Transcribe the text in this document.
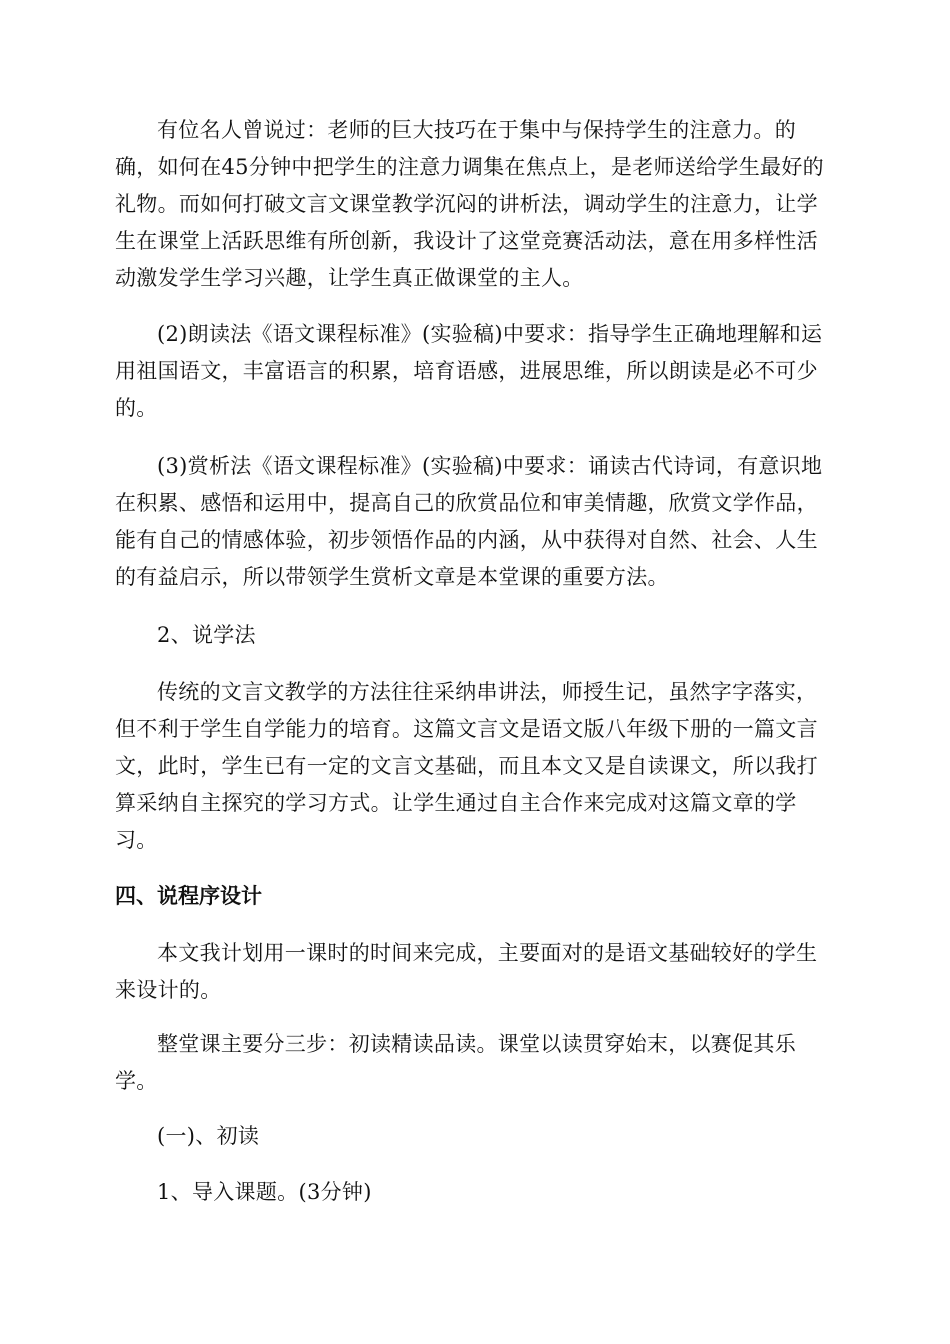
有位名人曾说过：老师的巨大技巧在于集中与保持学生的注意力。的确，如何在45分钟中把学生的注意力调集在焦点上，是老师送给学生最好的礼物。而如何打破文言文课堂教学沉闷的讲析法，调动学生的注意力，让学生在课堂上活跃思维有所创新，我设计了这堂竞赛活动法，意在用多样性活动激发学生学习兴趣，让学生真正做课堂的主人。

(2)朗读法《语文课程标准》(实验稿)中要求：指导学生正确地理解和运用祖国语文，丰富语言的积累，培育语感，进展思维，所以朗读是必不可少的。

(3)赏析法《语文课程标准》(实验稿)中要求：诵读古代诗词，有意识地在积累、感悟和运用中，提高自己的欣赏品位和审美情趣，欣赏文学作品，能有自己的情感体验，初步领悟作品的内涵，从中获得对自然、社会、人生的有益启示，所以带领学生赏析文章是本堂课的重要方法。

2、说学法

传统的文言文教学的方法往往采纳串讲法，师授生记，虽然字字落实，但不利于学生自学能力的培育。这篇文言文是语文版八年级下册的一篇文言文，此时，学生已有一定的文言文基础，而且本文又是自读课文，所以我打算采纳自主探究的学习方式。让学生通过自主合作来完成对这篇文章的学习。

四、说程序设计

本文我计划用一课时的时间来完成，主要面对的是语文基础较好的学生来设计的。

整堂课主要分三步：初读精读品读。课堂以读贯穿始末，以赛促其乐学。

(一)、初读

1、导入课题。(3分钟)
